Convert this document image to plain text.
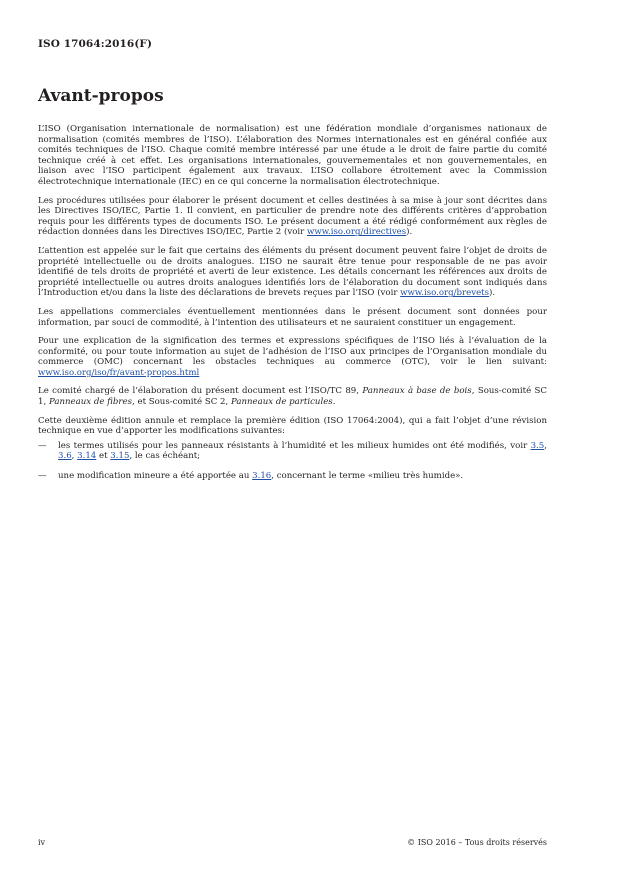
ISO 17064:2016(F)
Avant-propos

L’ISO (Organisation internationale de normalisation) est une fédération mondiale d’organismes nationaux de normalisation (comités membres de l’ISO). L’élaboration des Normes internationales est en général confiée aux comités techniques de l’ISO. Chaque comité membre intéressé par une étude a le droit de faire partie du comité technique créé à cet effet. Les organisations internationales, gouvernementales et non gouvernementales, en liaison avec l’ISO participent également aux travaux. L’ISO collabore étroitement avec la Commission électrotechnique internationale (IEC) en ce qui concerne la normalisation électrotechnique.

Les procédures utilisées pour élaborer le présent document et celles destinées à sa mise à jour sont décrites dans les Directives ISO/IEC, Partie 1. Il convient, en particulier de prendre note des différents critères d’approbation requis pour les différents types de documents ISO. Le présent document a été rédigé conformément aux règles de rédaction données dans les Directives ISO/IEC, Partie 2 (voir www.iso.org/directives).

L’attention est appelée sur le fait que certains des éléments du présent document peuvent faire l’objet de droits de propriété intellectuelle ou de droits analogues. L’ISO ne saurait être tenue pour responsable de ne pas avoir identifié de tels droits de propriété et averti de leur existence. Les détails concernant les références aux droits de propriété intellectuelle ou autres droits analogues identifiés lors de l’élaboration du document sont indiqués dans l’Introduction et/ou dans la liste des déclarations de brevets reçues par l’ISO (voir www.iso.org/brevets).

Les appellations commerciales éventuellement mentionnées dans le présent document sont données pour information, par souci de commodité, à l’intention des utilisateurs et ne sauraient constituer un engagement.

Pour une explication de la signification des termes et expressions spécifiques de l’ISO liés à l’évaluation de la conformité, ou pour toute information au sujet de l’adhésion de l’ISO aux principes de l’Organisation mondiale du commerce (OMC) concernant les obstacles techniques au commerce (OTC), voir le lien suivant: www.iso.org/iso/fr/avant-propos.html

Le comité chargé de l’élaboration du présent document est l’ISO/TC 89, Panneaux à base de bois, Sous-comité SC 1, Panneaux de fibres, et Sous-comité SC 2, Panneaux de particules.

Cette deuxième édition annule et remplace la première édition (ISO 17064:2004), qui a fait l’objet d’une révision technique en vue d’apporter les modifications suivantes:

— les termes utilisés pour les panneaux résistants à l’humidité et les milieux humides ont été modifiés, voir 3.5, 3.6, 3.14 et 3.15, le cas échéant;
— une modification mineure a été apportée au 3.16, concernant le terme «milieu très humide».
iv	© ISO 2016 – Tous droits réservés
